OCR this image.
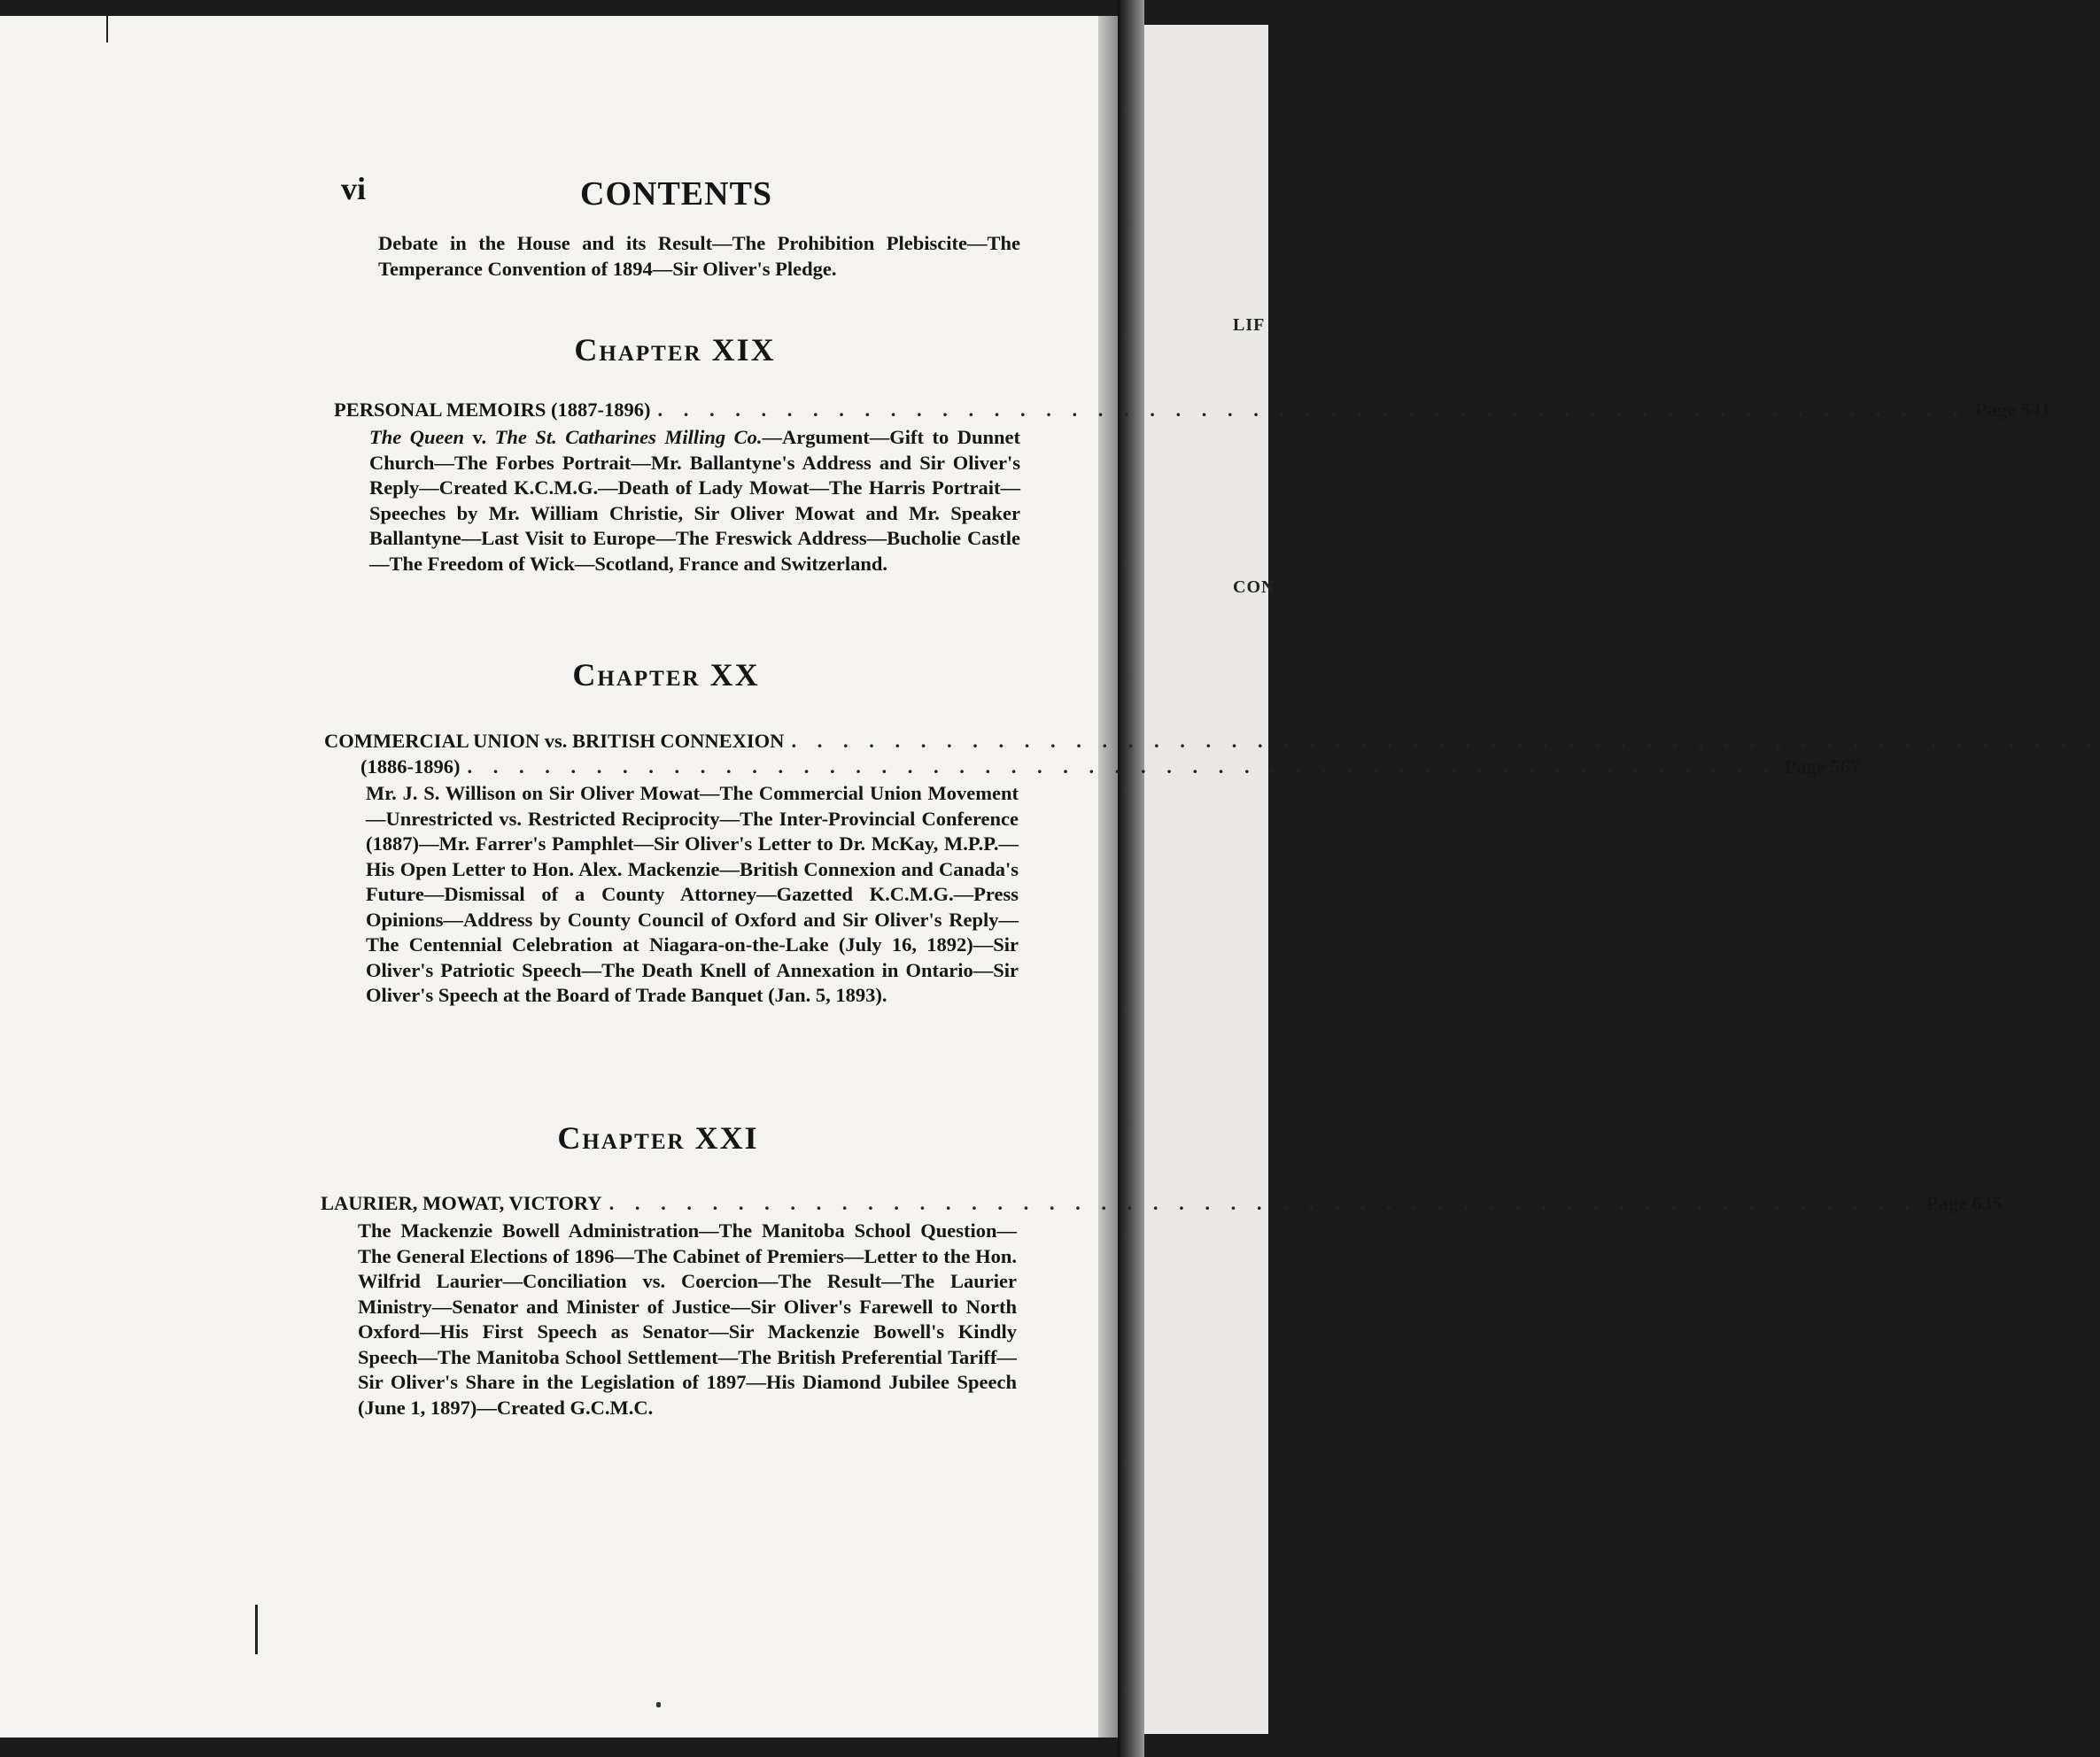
LIF
CON
vi	CONTENTS

Debate in the House and its Result—The Prohibition Plebiscite—The Temperance Convention of 1894—Sir Oliver's Pledge.

Chapter XIX
PERSONAL MEMOIRS (1887-1896) . . .	Page 541

The Queen v. The St. Catharines Milling Co.—Argument—Gift to Dunnet Church—The Forbes Portrait—Mr. Ballantyne's Address and Sir Oliver's Reply—Created K.C.M.G.—Death of Lady Mowat—The Harris Portrait—Speeches by Mr. William Christie, Sir Oliver Mowat and Mr. Speaker Ballantyne—Last Visit to Europe—The Freswick Address—Bucholie Castle—The Freedom of Wick—Scotland, France and Switzerland.

Chapter XX
COMMERCIAL UNION vs. BRITISH CONNEXION
. . .
(1886-1896) . . .	Page 567

Mr. J. S. Willison on Sir Oliver Mowat—The Commercial Union Movement—Unrestricted vs. Restricted Reciprocity—The Inter-Provincial Conference (1887)—Mr. Farrer's Pamphlet—Sir Oliver's Letter to Dr. McKay, M.P.P.—His Open Letter to Hon. Alex. Mackenzie—British Connexion and Canada's Future—Dismissal of a County Attorney—Gazetted K.C.M.G.—Press Opinions—Address by County Council of Oxford and Sir Oliver's Reply—The Centennial Celebration at Niagara-on-the-Lake (July 16, 1892)—Sir Oliver's Patriotic Speech—The Death Knell of Annexation in Ontario—Sir Oliver's Speech at the Board of Trade Banquet (Jan. 5, 1893).

Chapter XXI
LAURIER, MOWAT, VICTORY . . .	Page 635

The Mackenzie Bowell Administration—The Manitoba School Question—The General Elections of 1896—The Cabinet of Premiers—Letter to the Hon. Wilfrid Laurier—Conciliation vs. Coercion—The Result—The Laurier Ministry—Senator and Minister of Justice—Sir Oliver's Farewell to North Oxford—His First Speech as Senator—Sir Mackenzie Bowell's Kindly Speech—The Manitoba School Settlement—The British Preferential Tariff—Sir Oliver's Share in the Legislation of 1897—His Diamond Jubilee Speech (June 1, 1897)—Created G.C.M.C.
